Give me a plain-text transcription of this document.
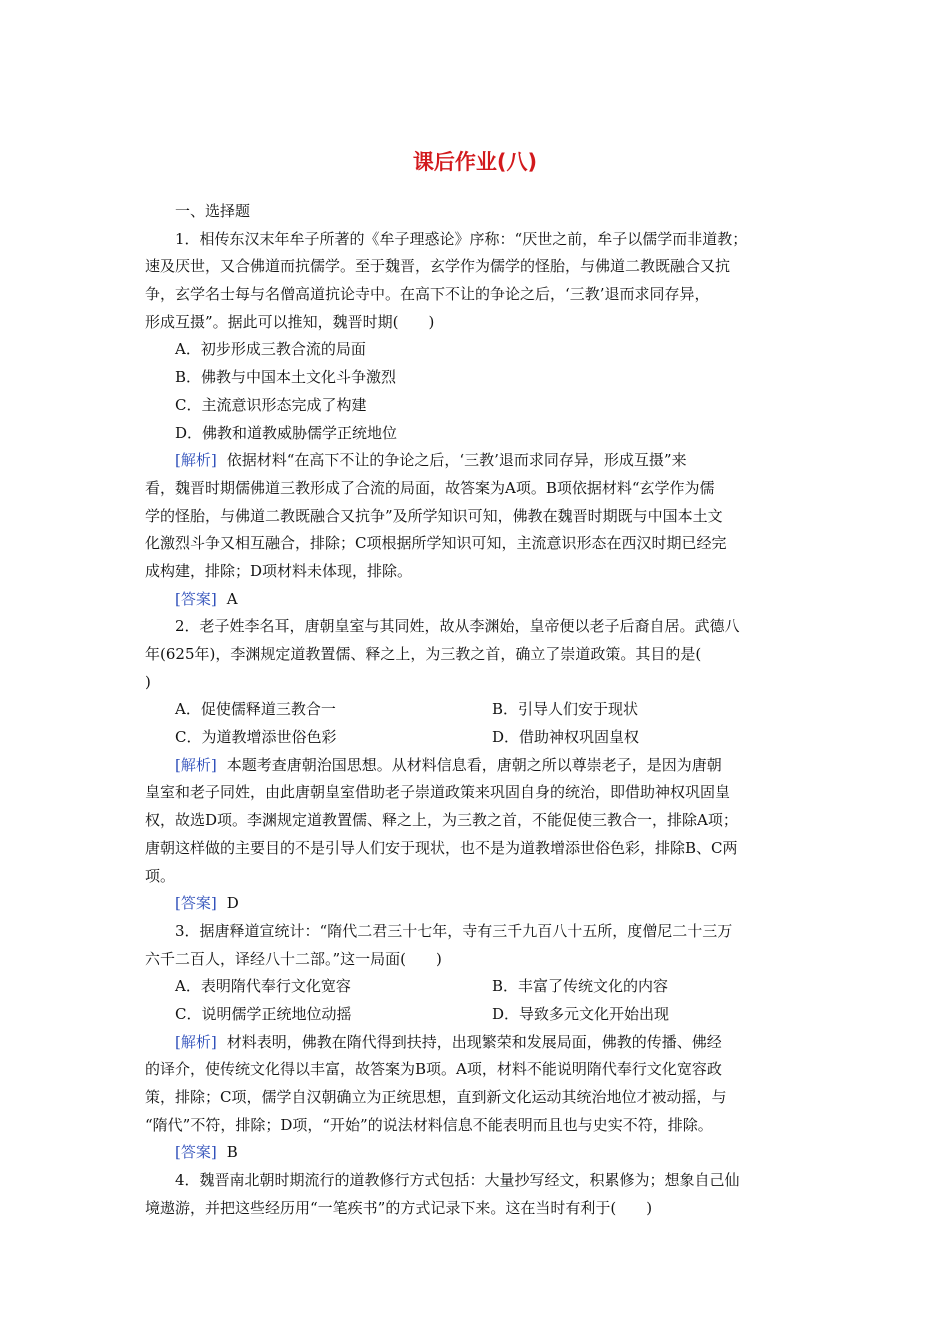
课后作业(八)
一、选择题
1．相传东汉末年牟子所著的《牟子理惑论》序称：“厌世之前，牟子以儒学而非道教；
速及厌世，又合佛道而抗儒学。至于魏晋，玄学作为儒学的怪胎，与佛道二教既融合又抗
争，玄学名士每与名僧高道抗论寺中。在高下不让的争论之后，‘三教’退而求同存异，
形成互摄”。据此可以推知，魏晋时期(　　)
A．初步形成三教合流的局面
B．佛教与中国本土文化斗争激烈
C．主流意识形态完成了构建
D．佛教和道教威胁儒学正统地位
[解析] 依据材料“在高下不让的争论之后，‘三教’退而求同存异，形成互摄”来
看，魏晋时期儒佛道三教形成了合流的局面，故答案为A项。B项依据材料“玄学作为儒
学的怪胎，与佛道二教既融合又抗争”及所学知识可知，佛教在魏晋时期既与中国本土文
化激烈斗争又相互融合，排除；C项根据所学知识可知，主流意识形态在西汉时期已经完
成构建，排除；D项材料未体现，排除。
[答案] A
2．老子姓李名耳，唐朝皇室与其同姓，故从李渊始，皇帝便以老子后裔自居。武德八
年(625年)，李渊规定道教置儒、释之上，为三教之首，确立了崇道政策。其目的是(
)
A．促使儒释道三教合一	B．引导人们安于现状
C．为道教增添世俗色彩	D．借助神权巩固皇权
[解析] 本题考查唐朝治国思想。从材料信息看，唐朝之所以尊崇老子，是因为唐朝
皇室和老子同姓，由此唐朝皇室借助老子崇道政策来巩固自身的统治，即借助神权巩固皇
权，故选D项。李渊规定道教置儒、释之上，为三教之首，不能促使三教合一，排除A项；
唐朝这样做的主要目的不是引导人们安于现状，也不是为道教增添世俗色彩，排除B、C两
项。
[答案] D
3．据唐释道宣统计：“隋代二君三十七年，寺有三千九百八十五所，度僧尼二十三万
六千二百人，译经八十二部。”这一局面(　　)
A．表明隋代奉行文化宽容	B．丰富了传统文化的内容
C．说明儒学正统地位动摇	D．导致多元文化开始出现
[解析] 材料表明，佛教在隋代得到扶持，出现繁荣和发展局面，佛教的传播、佛经
的译介，使传统文化得以丰富，故答案为B项。A项，材料不能说明隋代奉行文化宽容政
策，排除；C项，儒学自汉朝确立为正统思想，直到新文化运动其统治地位才被动摇，与
“隋代”不符，排除；D项，“开始”的说法材料信息不能表明而且也与史实不符，排除。
[答案] B
4．魏晋南北朝时期流行的道教修行方式包括：大量抄写经文，积累修为；想象自己仙
境遨游，并把这些经历用“一笔疾书”的方式记录下来。这在当时有利于(　　)
